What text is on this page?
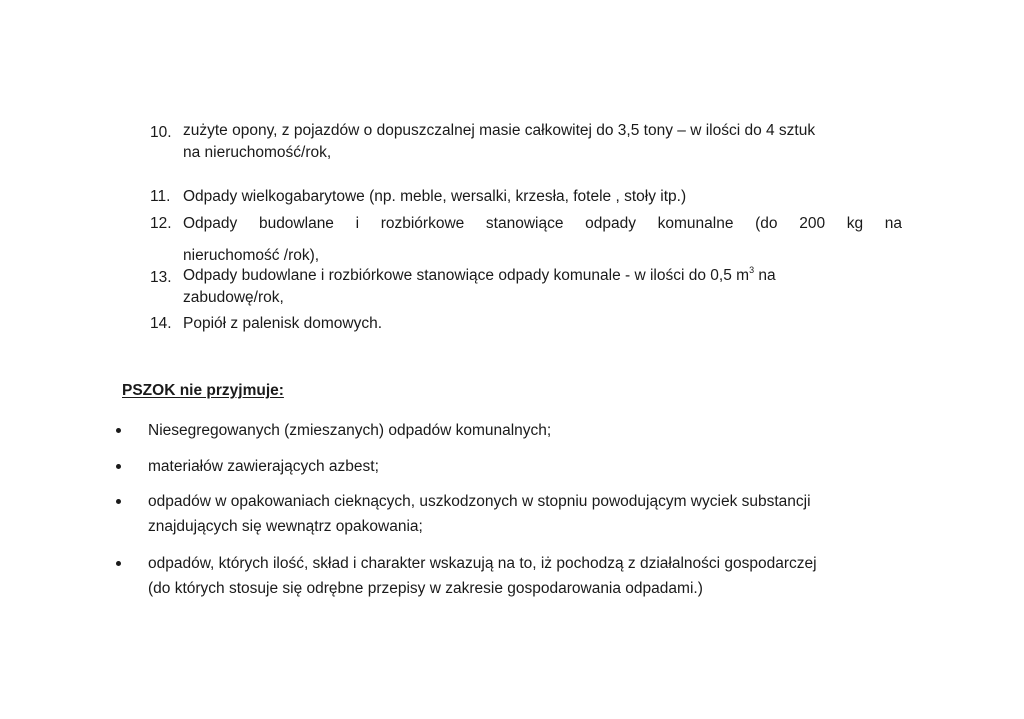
10. zużyte opony, z pojazdów o dopuszczalnej masie całkowitej do 3,5 tony – w ilości do 4 sztuk
na nieruchomość/rok,
11. Odpady wielkogabarytowe (np. meble, wersalki, krzesła, fotele , stoły itp.)
12. Odpady budowlane i rozbiórkowe stanowiące odpady komunalne (do 200 kg na
nieruchomość /rok),
13. Odpady budowlane i rozbiórkowe stanowiące odpady komunale - w ilości do 0,5 $m^3$ na
zabudowę/rok,
14. Popiół z palenisk domowych.
PSZOK nie przyjmuje:
Niesegregowanych (zmieszanych) odpadów komunalnych;
materiałów zawierających azbest;
odpadów w opakowaniach cieknących, uszkodzonych w stopniu powodującym wyciek substancji
znajdujących się wewnątrz opakowania;
odpadów, których ilość, skład i charakter wskazują na to, iż pochodzą z działalności gospodarczej
(do których stosuje się odrębne przepisy w zakresie gospodarowania odpadami.)
